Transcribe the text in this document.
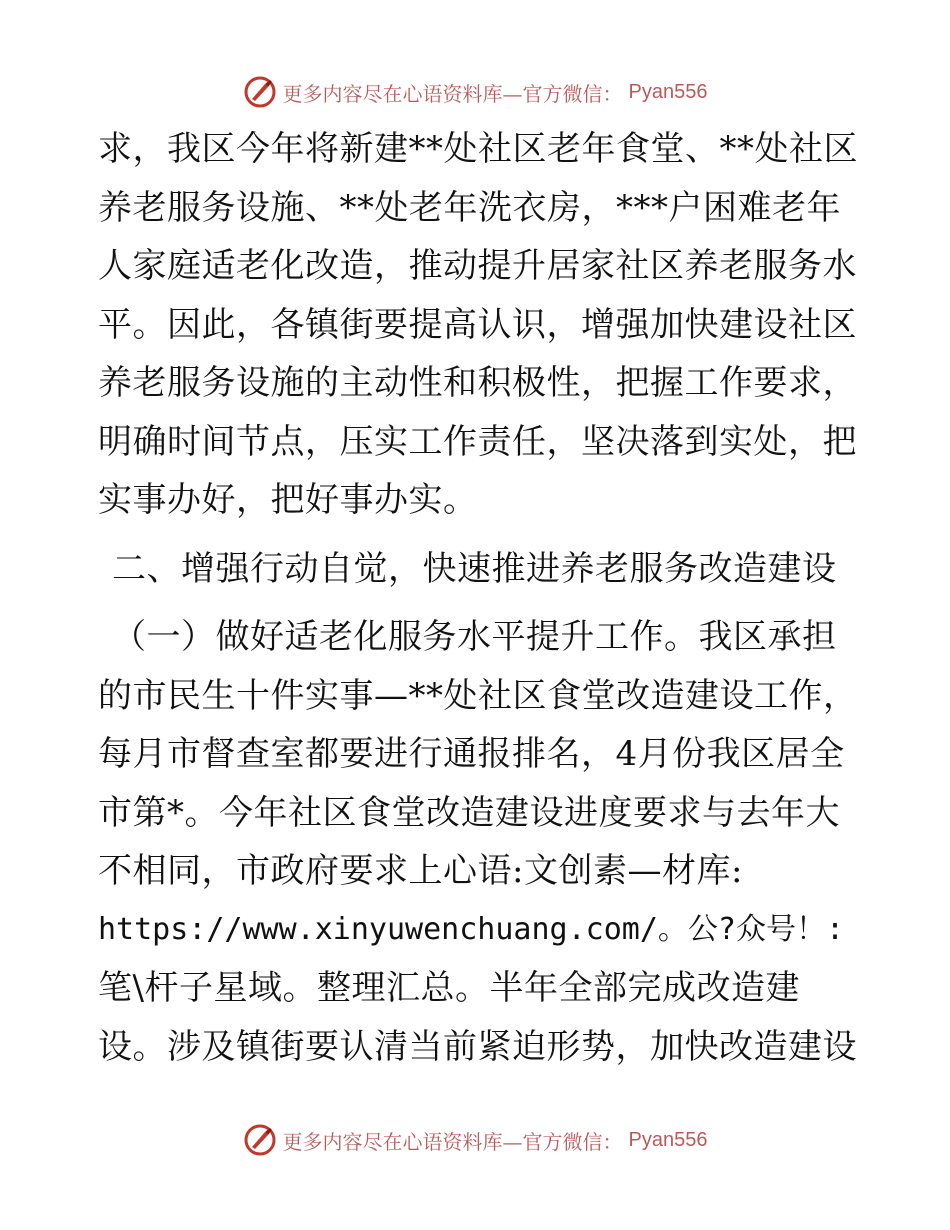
更多内容尽在心语资料库—官方微信： Pyan556
求，我区今年将新建**处社区老年食堂、**处社区
养老服务设施、**处老年洗衣房，***户困难老年
人家庭适老化改造，推动提升居家社区养老服务水
平。因此，各镇街要提高认识，增强加快建设社区
养老服务设施的主动性和积极性，把握工作要求，
明确时间节点，压实工作责任，坚决落到实处，把
实事办好，把好事办实。
二、增强行动自觉，快速推进养老服务改造建设
（一）做好适老化服务水平提升工作。我区承担
的市民生十件实事—**处社区食堂改造建设工作，
每月市督查室都要进行通报排名，4月份我区居全
市第*。今年社区食堂改造建设进度要求与去年大
不相同，市政府要求上心语:文创素—材库:
https://www.xinyuwenchuang.com/。公?众号！:
笔\杆子星域。整理汇总。半年全部完成改造建
设。涉及镇街要认清当前紧迫形势，加快改造建设
更多内容尽在心语资料库—官方微信： Pyan556
